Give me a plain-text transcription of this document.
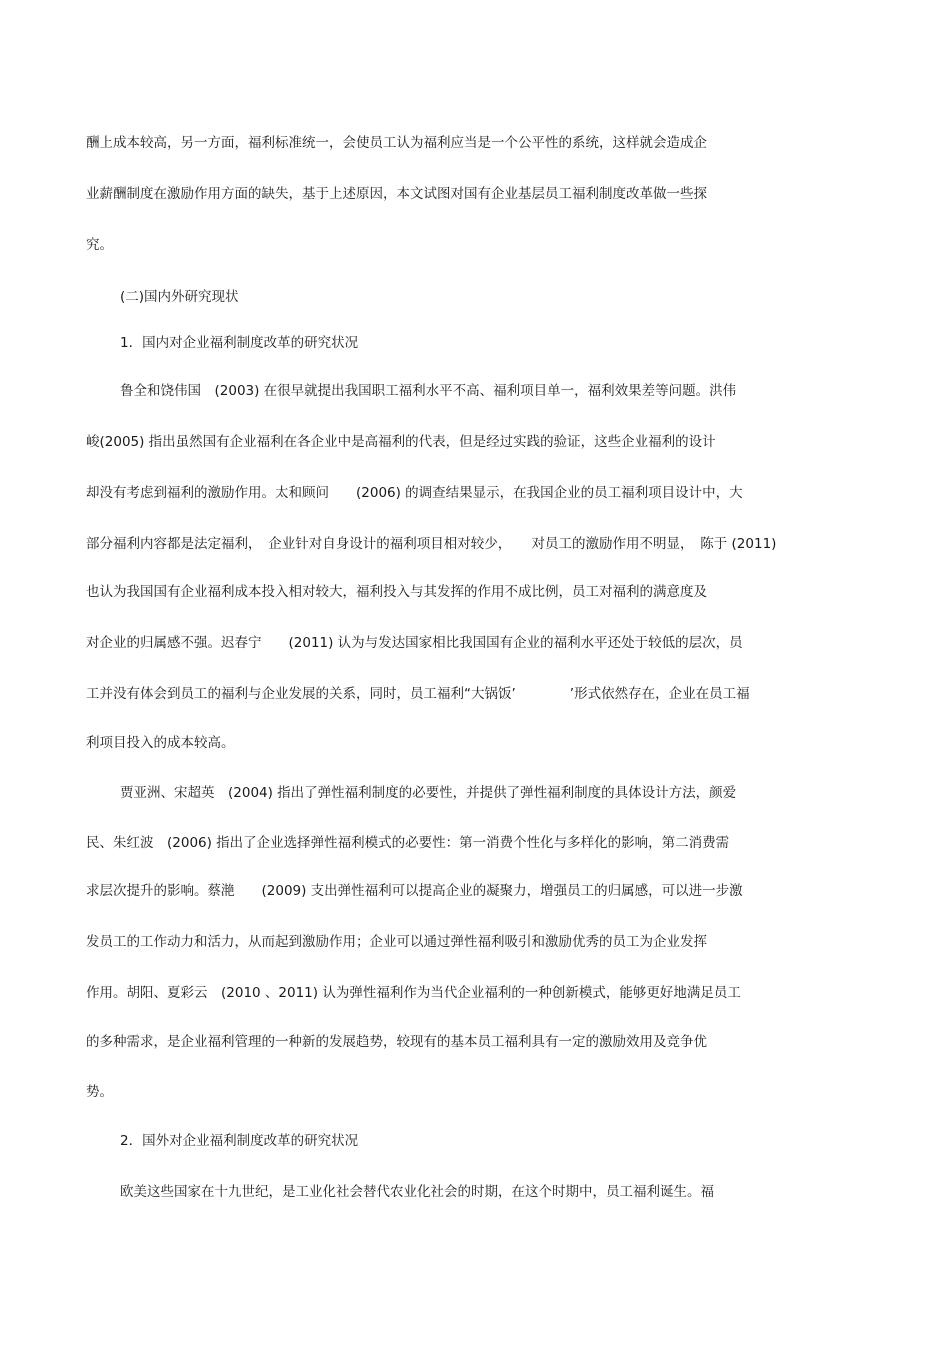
酬上成本较高，另一方面，福利标准统一，会使员工认为福利应当是一个公平性的系统，这样就会造成企
业薪酬制度在激励作用方面的缺失，基于上述原因，本文试图对国有企业基层员工福利制度改革做一些探
究。
(二)国内外研究现状
1．国内对企业福利制度改革的研究状况
鲁全和饶伟国　(2003) 在很早就提出我国职工福利水平不高、福利项目单一，福利效果差等问题。洪伟
峻(2005) 指出虽然国有企业福利在各企业中是高福利的代表，但是经过实践的验证，这些企业福利的设计
却没有考虑到福利的激励作用。太和顾问　　(2006) 的调查结果显示，在我国企业的员工福利项目设计中，大
部分福利内容都是法定福利，　企业针对自身设计的福利项目相对较少，　　对员工的激励作用不明显，　陈于 (2011)
也认为我国国有企业福利成本投入相对较大，福利投入与其发挥的作用不成比例，员工对福利的满意度及
对企业的归属感不强。迟春宁　　(2011) 认为与发达国家相比我国国有企业的福利水平还处于较低的层次，员
工并没有体会到员工的福利与企业发展的关系，同时，员工福利“大锅饭’　　　　’形式依然存在，企业在员工福
利项目投入的成本较高。
贾亚洲、宋超英　(2004) 指出了弹性福利制度的必要性，并提供了弹性福利制度的具体设计方法，颜爱
民、朱红波　(2006) 指出了企业选择弹性福利模式的必要性：第一消费个性化与多样化的影响，第二消费需
求层次提升的影响。蔡滟　　(2009) 支出弹性福利可以提高企业的凝聚力，增强员工的归属感，可以进一步激
发员工的工作动力和活力，从而起到激励作用；企业可以通过弹性福利吸引和激励优秀的员工为企业发挥
作用。胡阳、夏彩云　(2010 、2011) 认为弹性福利作为当代企业福利的一种创新模式，能够更好地满足员工
的多种需求，是企业福利管理的一种新的发展趋势，较现有的基本员工福利具有一定的激励效用及竞争优
势。
2．国外对企业福利制度改革的研究状况
欧美这些国家在十九世纪，是工业化社会替代农业化社会的时期，在这个时期中，员工福利诞生。福
